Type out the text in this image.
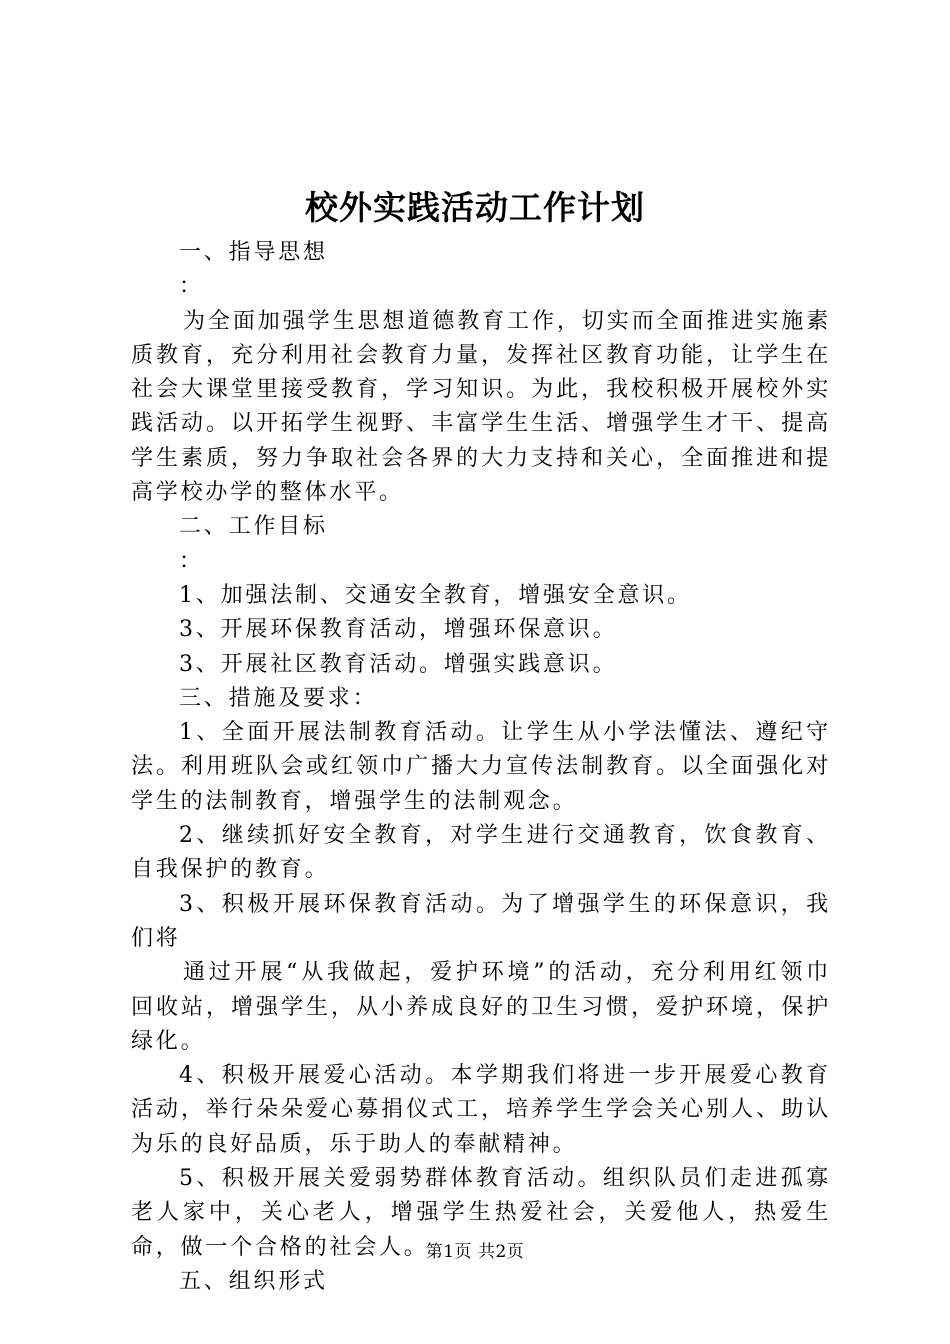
校外实践活动工作计划

一、指导思想

：

为全面加强学生思想道德教育工作，切实而全面推进实施素质教育，充分利用社会教育力量，发挥社区教育功能，让学生在社会大课堂里接受教育，学习知识。为此，我校积极开展校外实践活动。以开拓学生视野、丰富学生生活、增强学生才干、提高学生素质，努力争取社会各界的大力支持和关心，全面推进和提高学校办学的整体水平。

二、工作目标

：

1、加强法制、交通安全教育，增强安全意识。

3、开展环保教育活动，增强环保意识。

3、开展社区教育活动。增强实践意识。

三、措施及要求：

1、全面开展法制教育活动。让学生从小学法懂法、遵纪守法。利用班队会或红领巾广播大力宣传法制教育。以全面强化对学生的法制教育，增强学生的法制观念。

2、继续抓好安全教育，对学生进行交通教育，饮食教育、自我保护的教育。

3、积极开展环保教育活动。为了增强学生的环保意识，我们将

通过开展“从我做起，爱护环境”的活动，充分利用红领巾回收站，增强学生，从小养成良好的卫生习惯，爱护环境，保护绿化。

4、积极开展爱心活动。本学期我们将进一步开展爱心教育活动，举行朵朵爱心募捐仪式工，培养学生学会关心别人、助认为乐的良好品质，乐于助人的奉献精神。

5、积极开展关爱弱势群体教育活动。组织队员们走进孤寡老人家中，关心老人，增强学生热爱社会，关爱他人，热爱生命，做一个合格的社会人。

五、组织形式

第1页 共2页
